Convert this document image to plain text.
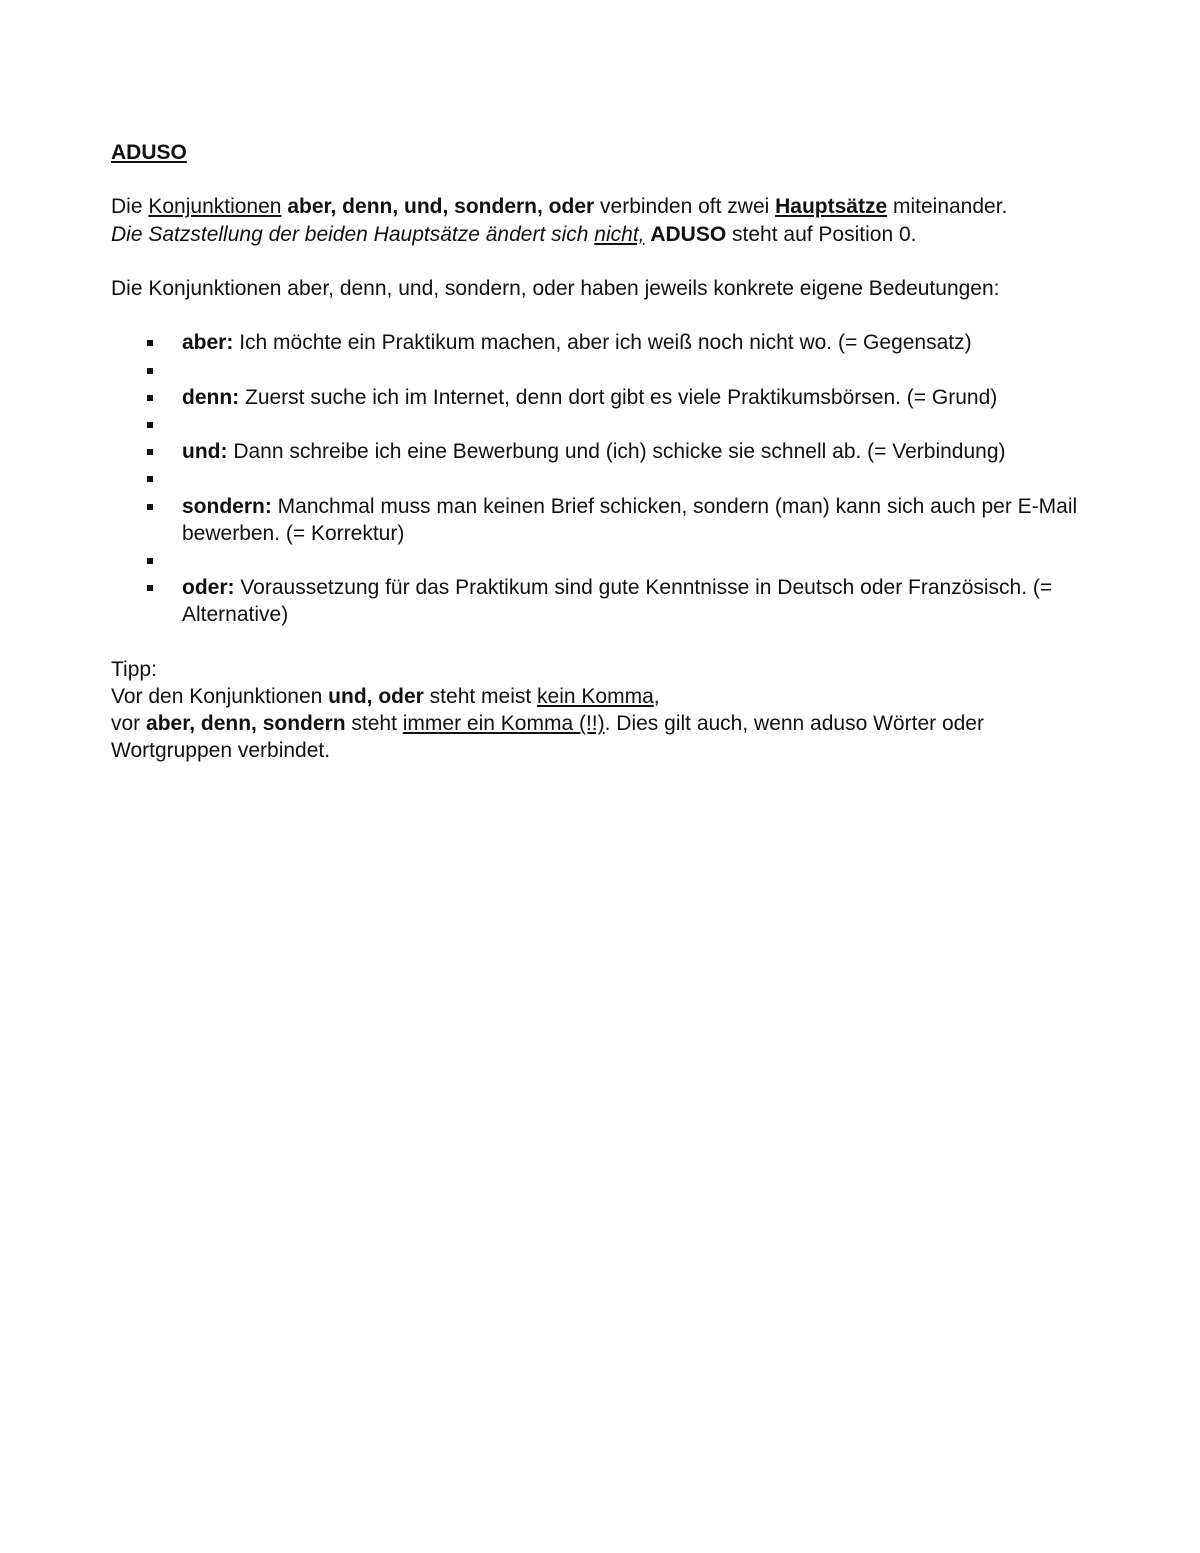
ADUSO

Die Konjunktionen aber, denn, und, sondern, oder verbinden oft zwei Hauptsätze miteinander.

Die Satzstellung der beiden Hauptsätze ändert sich nicht, ADUSO steht auf Position 0.

Die Konjunktionen aber, denn, und, sondern, oder haben jeweils konkrete eigene Bedeutungen:

aber: Ich möchte ein Praktikum machen, aber ich weiß noch nicht wo. (= Gegensatz)
denn: Zuerst suche ich im Internet, denn dort gibt es viele Praktikumsbörsen. (= Grund)
und: Dann schreibe ich eine Bewerbung und (ich) schicke sie schnell ab. (= Verbindung)
sondern: Manchmal muss man keinen Brief schicken, sondern (man) kann sich auch per E-Mail bewerben. (= Korrektur)
oder: Voraussetzung für das Praktikum sind gute Kenntnisse in Deutsch oder Französisch. (= Alternative)

Tipp:

Vor den Konjunktionen und, oder steht meist kein Komma,

vor aber, denn, sondern steht immer ein Komma (!!). Dies gilt auch, wenn aduso Wörter oder Wortgruppen verbindet.
